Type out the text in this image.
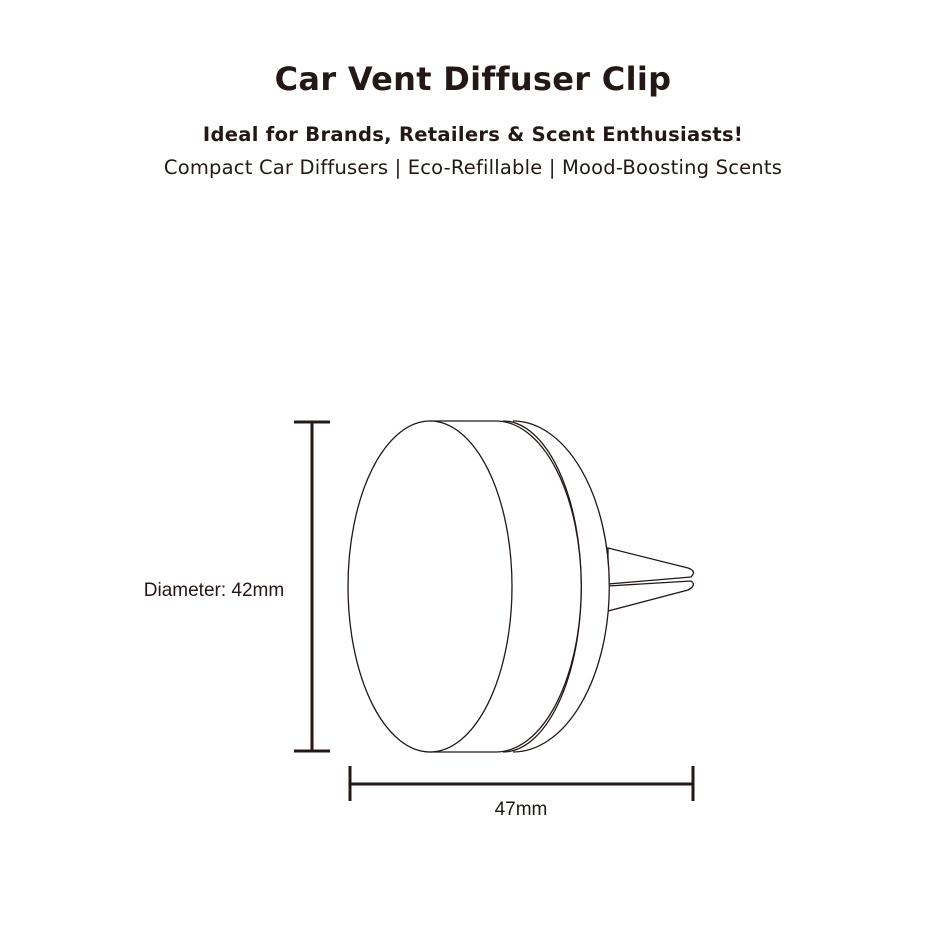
Car Vent Diffuser Clip
Ideal for Brands, Retailers & Scent Enthusiasts!
Compact Car Diffusers | Eco-Refillable | Mood-Boosting Scents
Diameter: 42mm
47mm
